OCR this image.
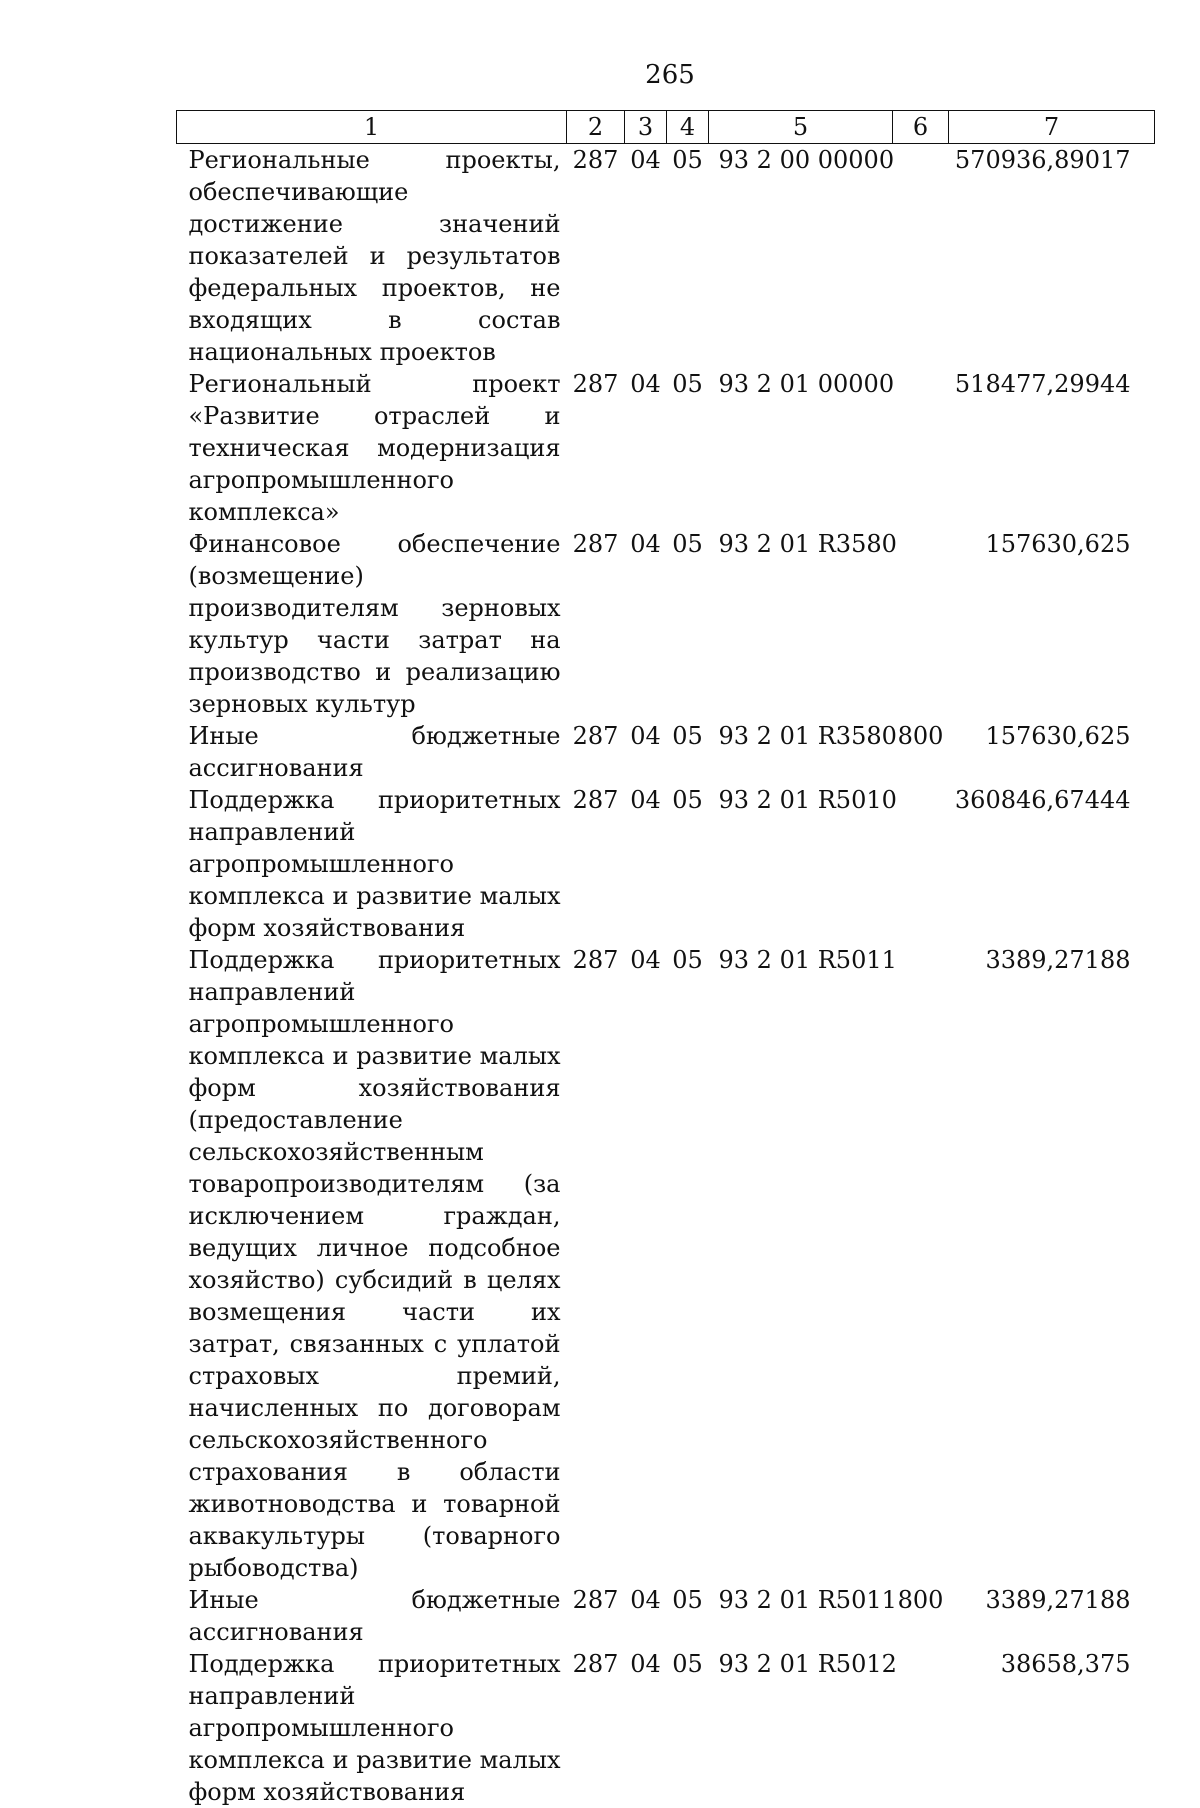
265
1	2	3	4	5	6	7
Региональные проекты, обеспечивающие достижение значений показателей и результатов федеральных проектов, не входящих в состав национальных проектов	287	04	05	93 2 00 00000		570936,89017
Региональный проект «Развитие отраслей и техническая модернизация агропромышленного комплекса»	287	04	05	93 2 01 00000		518477,29944
Финансовое обеспечение (возмещение) производителям зерновых культур части затрат на производство и реализацию зерновых культур	287	04	05	93 2 01 R3580		157630,625
Иные бюджетные ассигнования	287	04	05	93 2 01 R3580	800	157630,625
Поддержка приоритетных направлений агропромышленного комплекса и развитие малых форм хозяйствования	287	04	05	93 2 01 R5010		360846,67444
Поддержка приоритетных направлений агропромышленного комплекса и развитие малых форм хозяйствования (предоставление сельскохозяйственным товаропроизводителям (за исключением граждан, ведущих личное подсобное хозяйство) субсидий в целях возмещения части их затрат, связанных с уплатой страховых премий, начисленных по договорам сельскохозяйственного страхования в области животноводства и товарной аквакультуры (товарного рыбоводства)	287	04	05	93 2 01 R5011		3389,27188
Иные бюджетные ассигнования	287	04	05	93 2 01 R5011	800	3389,27188
Поддержка приоритетных направлений агропромышленного комплекса и развитие малых форм хозяйствования	287	04	05	93 2 01 R5012		38658,375
